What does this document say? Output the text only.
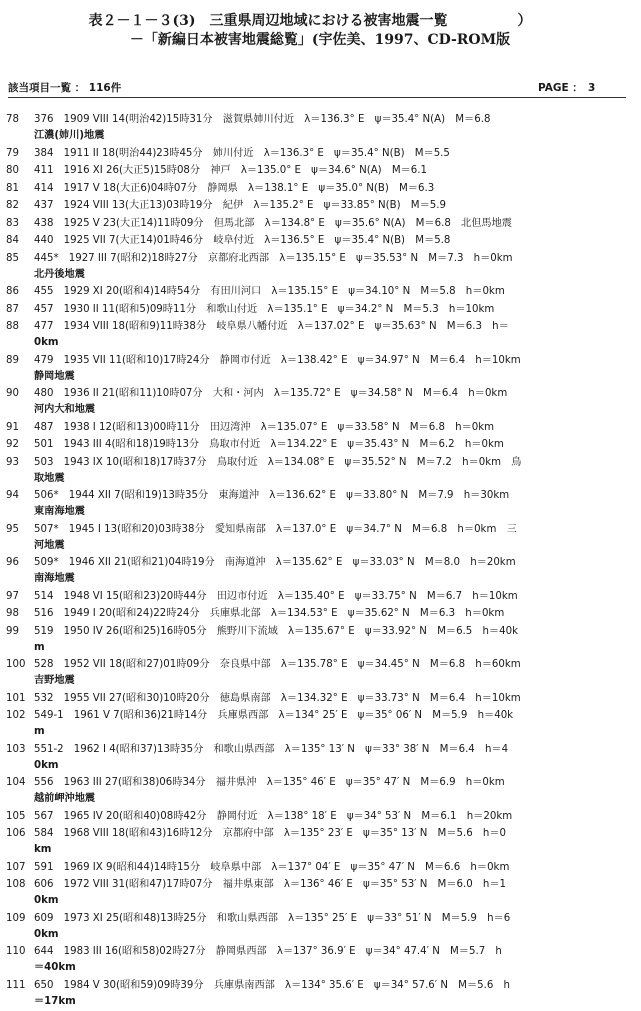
表２－１－３(3)　三重県周辺地域における被害地震一覧　　　　　）
－「新編日本被害地震総覧」(宇佐美、1997、CD-ROM版
該当項目一覧 ： 116件	PAGE ：　3
78	376　1909 VIII 14(明治42)15時31分　滋賀県姉川付近　λ＝136.3° E　ψ＝35.4° N(A)　M＝6.8
江濃(姉川)地震
79	384　1911 II 18(明治44)23時45分　姉川付近　λ＝136.3° E　ψ＝35.4° N(B)　M＝5.5
80	411　1916 XI 26(大正5)15時08分　神戸　λ＝135.0° E　ψ＝34.6° N(A)　M＝6.1
81	414　1917 V 18(大正6)04時07分　静岡県　λ＝138.1° E　ψ＝35.0° N(B)　M＝6.3
82	437　1924 VIII 13(大正13)03時19分　紀伊　λ＝135.2° E　ψ＝33.85° N(B)　M＝5.9
83	438　1925 V 23(大正14)11時09分　但馬北部　λ＝134.8° E　ψ＝35.6° N(A)　M＝6.8　北但馬地震
84	440　1925 VII 7(大正14)01時46分　岐阜付近　λ＝136.5° E　ψ＝35.4° N(B)　M＝5.8
85	445*　1927 III 7(昭和2)18時27分　京都府北西部　λ＝135.15° E　ψ＝35.53° N　M＝7.3　h＝0km
北丹後地震
86	455　1929 XI 20(昭和4)14時54分　有田川河口　λ＝135.15° E　ψ＝34.10° N　M＝5.8　h＝0km
87	457　1930 II 11(昭和5)09時11分　和歌山付近　λ＝135.1° E　ψ＝34.2° N　M＝5.3　h＝10km
88	477　1934 VIII 18(昭和9)11時38分　岐阜県八幡付近　λ＝137.02° E　ψ＝35.63° N　M＝6.3　h＝
0km
89	479　1935 VII 11(昭和10)17時24分　静岡市付近　λ＝138.42° E　ψ＝34.97° N　M＝6.4　h＝10km
静岡地震
90	480　1936 II 21(昭和11)10時07分　大和・河内　λ＝135.72° E　ψ＝34.58° N　M＝6.4　h＝0km
河内大和地震
91	487　1938 I 12(昭和13)00時11分　田辺湾沖　λ＝135.07° E　ψ＝33.58° N　M＝6.8　h＝0km
92	501　1943 III 4(昭和18)19時13分　鳥取市付近　λ＝134.22° E　ψ＝35.43° N　M＝6.2　h＝0km
93	503　1943 IX 10(昭和18)17時37分　鳥取付近　λ＝134.08° E　ψ＝35.52° N　M＝7.2　h＝0km　鳥
取地震
94	506*　1944 XII 7(昭和19)13時35分　東海道沖　λ＝136.62° E　ψ＝33.80° N　M＝7.9　h＝30km
東南海地震
95	507*　1945 I 13(昭和20)03時38分　愛知県南部　λ＝137.0° E　ψ＝34.7° N　M＝6.8　h＝0km　三
河地震
96	509*　1946 XII 21(昭和21)04時19分　南海道沖　λ＝135.62° E　ψ＝33.03° N　M＝8.0　h＝20km
南海地震
97	514　1948 VI 15(昭和23)20時44分　田辺市付近　λ＝135.40° E　ψ＝33.75° N　M＝6.7　h＝10km
98	516　1949 I 20(昭和24)22時24分　兵庫県北部　λ＝134.53° E　ψ＝35.62° N　M＝6.3　h＝0km
99	519　1950 IV 26(昭和25)16時05分　熊野川下流域　λ＝135.67° E　ψ＝33.92° N　M＝6.5　h＝40k
m
100 528　1952 VII 18(昭和27)01時09分　奈良県中部　λ＝135.78° E　ψ＝34.45° N　M＝6.8　h＝60km
吉野地震
101 532　1955 VII 27(昭和30)10時20分　徳島県南部　λ＝134.32° E　ψ＝33.73° N　M＝6.4　h＝10km
102 549-1　1961 V 7(昭和36)21時14分　兵庫県西部　λ＝134° 25′ E　ψ＝35° 06′ N　M＝5.9　h＝40k
m
103 551-2　1962 I 4(昭和37)13時35分　和歌山県西部　λ＝135° 13′ N　ψ＝33° 38′ N　M＝6.4　h＝4
0km
104 556　1963 III 27(昭和38)06時34分　福井県沖　λ＝135° 46′ E　ψ＝35° 47′ N　M＝6.9　h＝0km
越前岬沖地震
105 567　1965 IV 20(昭和40)08時42分　静岡付近　λ＝138° 18′ E　ψ＝34° 53′ N　M＝6.1　h＝20km
106 584　1968 VIII 18(昭和43)16時12分　京都府中部　λ＝135° 23′ E　ψ＝35° 13′ N　M＝5.6　h＝0
km
107 591　1969 IX 9(昭和44)14時15分　岐阜県中部　λ＝137° 04′ E　ψ＝35° 47′ N　M＝6.6　h＝0km
108 606　1972 VIII 31(昭和47)17時07分　福井県東部　λ＝136° 46′ E　ψ＝35° 53′ N　M＝6.0　h＝1
0km
109 609　1973 XI 25(昭和48)13時25分　和歌山県西部　λ＝135° 25′ E　ψ＝33° 51′ N　M＝5.9　h＝6
0km
110 644　1983 III 16(昭和58)02時27分　静岡県西部　λ＝137° 36.9′ E　ψ＝34° 47.4′ N　M＝5.7　h
＝40km
111 650　1984 V 30(昭和59)09時39分　兵庫県南西部　λ＝134° 35.6′ E　ψ＝34° 57.6′ N　M＝5.6　h
＝17km
